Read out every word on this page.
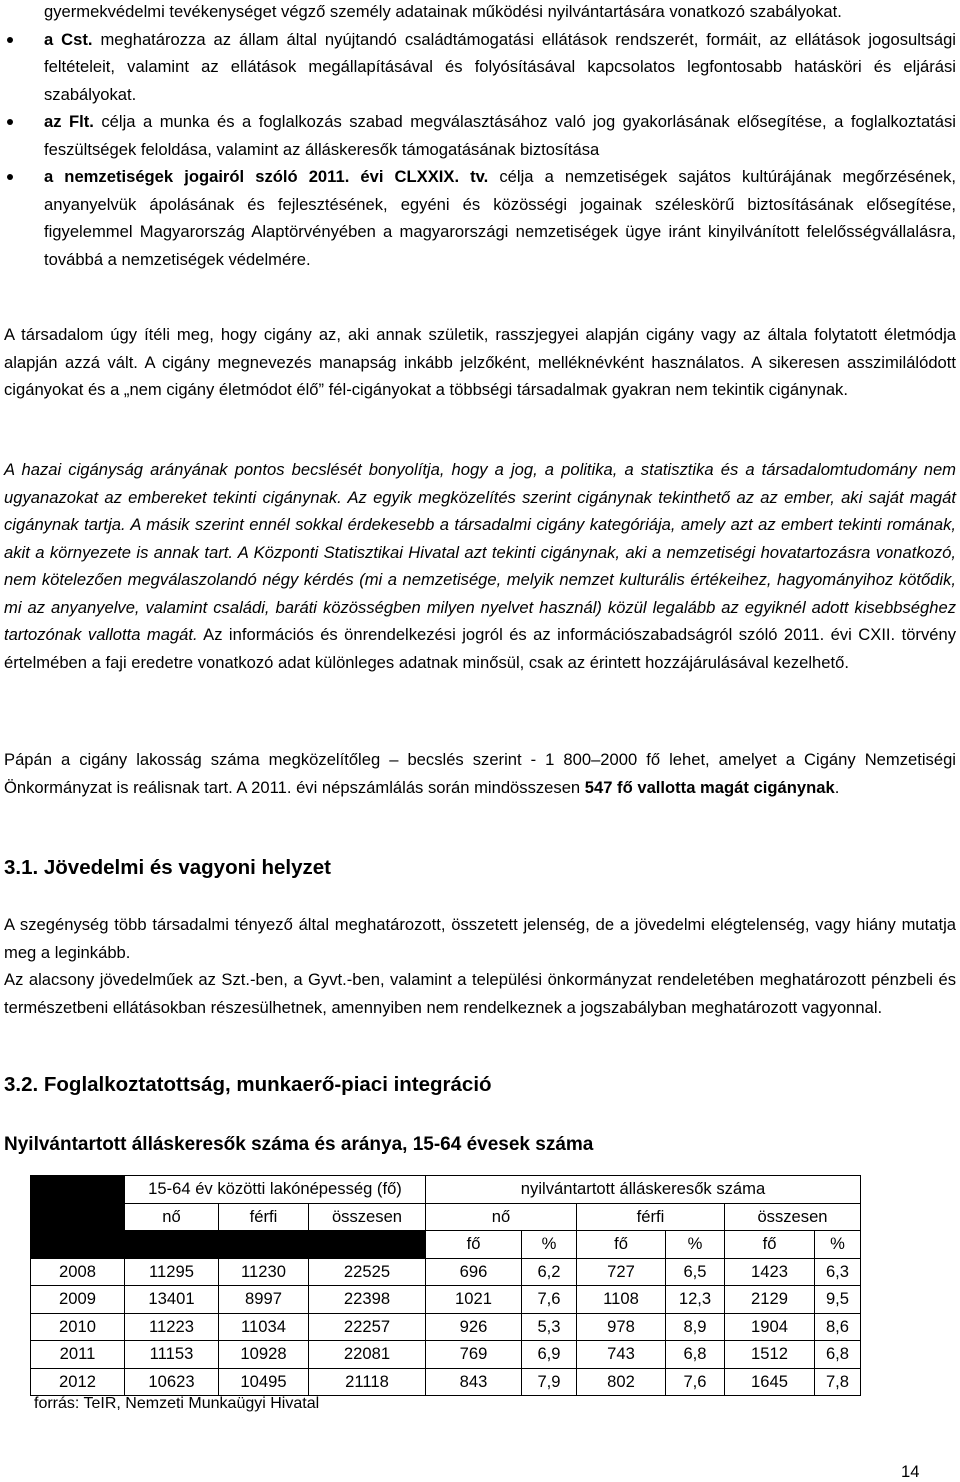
gyermekvédelmi tevékenységet végző személy adatainak működési nyilvántartására vonatkozó szabályokat.

a Cst. meghatározza az állam által nyújtandó családtámogatási ellátások rendszerét, formáit, az ellátások jogosultsági feltételeit, valamint az ellátások megállapításával és folyósításával kapcsolatos legfontosabb hatásköri és eljárási szabályokat.
az Flt. célja a munka és a foglalkozás szabad megválasztásához való jog gyakorlásának elősegítése, a foglalkoztatási feszültségek feloldása, valamint az álláskeresők támogatásának biztosítása
a nemzetiségek jogairól szóló 2011. évi CLXXIX. tv. célja a nemzetiségek sajátos kultúrájának megőrzésének, anyanyelvük ápolásának és fejlesztésének, egyéni és közösségi jogainak széleskörű biztosításának elősegítése, figyelemmel Magyarország Alaptörvényében a magyarországi nemzetiségek ügye iránt kinyilvánított felelősségvállalásra, továbbá a nemzetiségek védelmére.

A társadalom úgy ítéli meg, hogy cigány az, aki annak születik, rasszjegyei alapján cigány vagy az általa folytatott életmódja alapján azzá vált. A cigány megnevezés manapság inkább jelzőként, melléknévként használatos. A sikeresen asszimilálódott cigányokat és a „nem cigány életmódot élő” fél-cigányokat a többségi társadalmak gyakran nem tekintik cigánynak.

A hazai cigányság arányának pontos becslését bonyolítja, hogy a jog, a politika, a statisztika és a társadalomtudomány nem ugyanazokat az embereket tekinti cigánynak. Az egyik megközelítés szerint cigánynak tekinthető az az ember, aki saját magát cigánynak tartja. A másik szerint ennél sokkal érdekesebb a társadalmi cigány kategóriája, amely azt az embert tekinti romának, akit a környezete is annak tart. A Központi Statisztikai Hivatal azt tekinti cigánynak, aki a nemzetiségi hovatartozásra vonatkozó, nem kötelezően megválaszolandó négy kérdés (mi a nemzetisége, melyik nemzet kulturális értékeihez, hagyományihoz kötődik, mi az anyanyelve, valamint családi, baráti közösségben milyen nyelvet használ) közül legalább az egyiknél adott kisebbséghez tartozónak vallotta magát. Az információs és önrendelkezési jogról és az információszabadságról szóló 2011. évi CXII. törvény értelmében a faji eredetre vonatkozó adat különleges adatnak minősül, csak az érintett hozzájárulásával kezelhető.

Pápán a cigány lakosság száma megközelítőleg – becslés szerint - 1 800–2000 fő lehet, amelyet a Cigány Nemzetiségi Önkormányzat is reálisnak tart. A 2011. évi népszámlálás során mindösszesen 547 fő vallotta magát cigánynak.

3.1. Jövedelmi és vagyoni helyzet

A szegénység több társadalmi tényező által meghatározott, összetett jelenség, de a jövedelmi elégtelenség, vagy hiány mutatja meg a leginkább.

Az alacsony jövedelműek az Szt.-ben, a Gyvt.-ben, valamint a települési önkormányzat rendeletében meghatározott pénzbeli és természetbeni ellátásokban részesülhetnek, amennyiben nem rendelkeznek a jogszabályban meghatározott vagyonnal.

3.2. Foglalkoztatottság, munkaerő-piaci integráció
Nyilvántartott álláskeresők száma és aránya, 15-64 évesek száma
	15-64 év közötti lakónépesség (fő)			nyilvántartott álláskeresők száma					
	nő	férfi	összesen	nő		férfi		összesen	
				fő	%	fő	%	fő	%
2008	11295	11230	22525	696	6,2	727	6,5	1423	6,3
2009	13401	8997	22398	1021	7,6	1108	12,3	2129	9,5
2010	11223	11034	22257	926	5,3	978	8,9	1904	8,6
2011	11153	10928	22081	769	6,9	743	6,8	1512	6,8
2012	10623	10495	21118	843	7,9	802	7,6	1645	7,8
forrás: TeIR, Nemzeti Munkaügyi Hivatal
14
